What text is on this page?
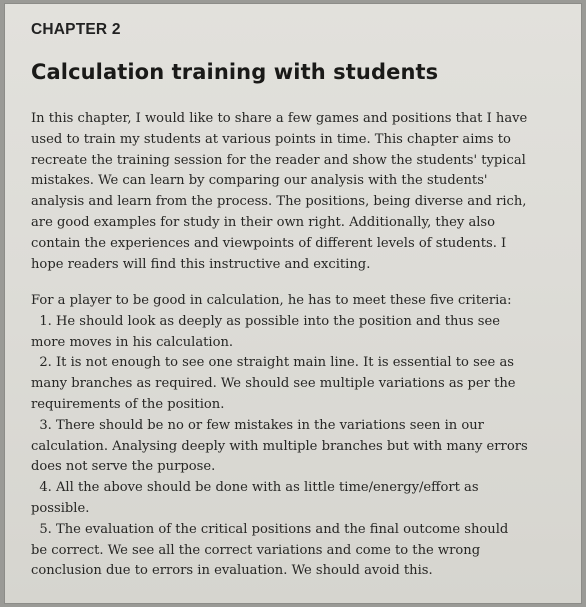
CHAPTER 2
Calculation training with students

In this chapter, I would like to share a few games and positions that I have
used to train my students at various points in time. This chapter aims to
recreate the training session for the reader and show the students' typical
mistakes. We can learn by comparing our analysis with the students'
analysis and learn from the process. The positions, being diverse and rich,
are good examples for study in their own right. Additionally, they also
contain the experiences and viewpoints of different levels of students. I
hope readers will find this instructive and exciting.

For a player to be good in calculation, he has to meet these five criteria:
1. He should look as deeply as possible into the position and thus see
more moves in his calculation.
2. It is not enough to see one straight main line. It is essential to see as
many branches as required. We should see multiple variations as per the
requirements of the position.
3. There should be no or few mistakes in the variations seen in our
calculation. Analysing deeply with multiple branches but with many errors
does not serve the purpose.
4. All the above should be done with as little time/energy/effort as
possible.
5. The evaluation of the critical positions and the final outcome should
be correct. We see all the correct variations and come to the wrong
conclusion due to errors in evaluation. We should avoid this.
